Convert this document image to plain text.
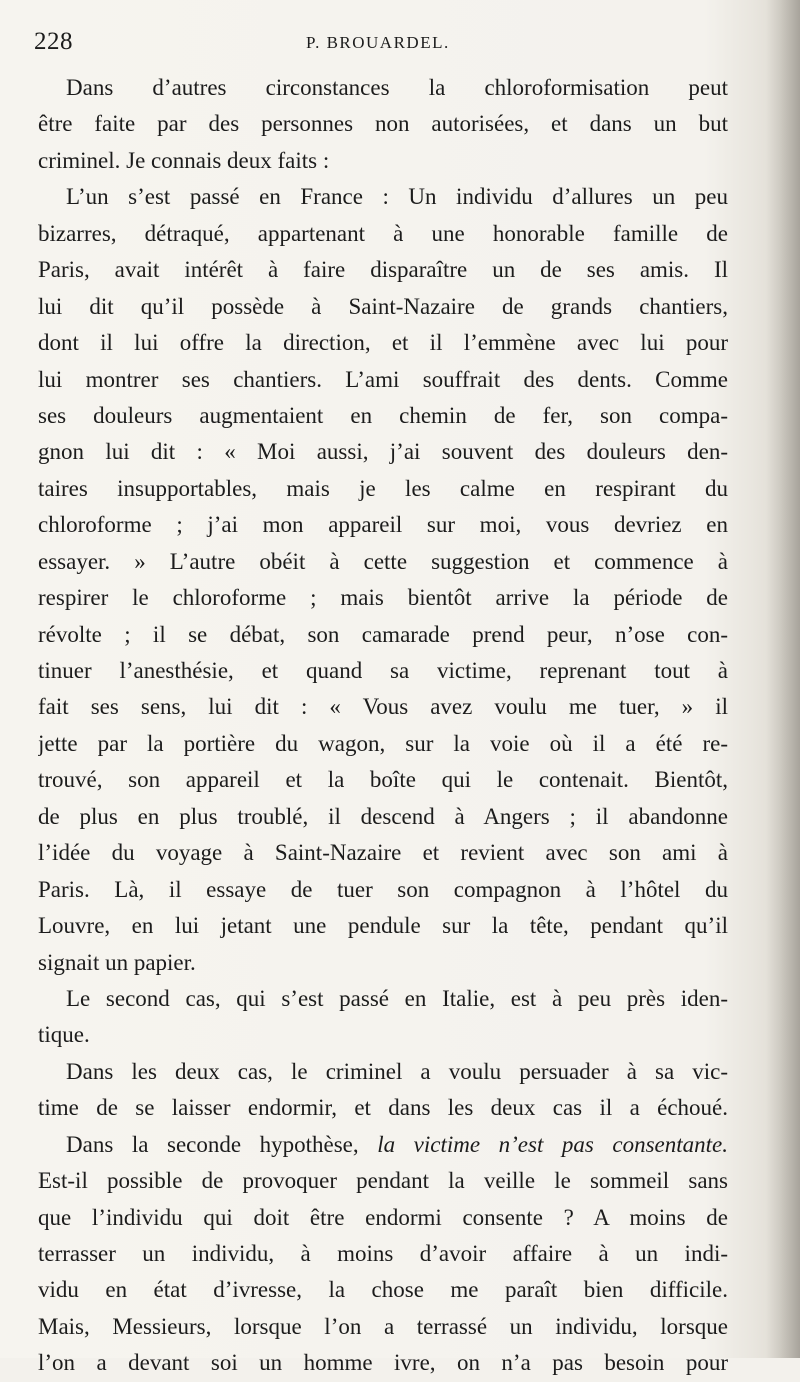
228	P. BROUARDEL.
Dans d’autres circonstances la chloroformisation peut
être faite par des personnes non autorisées, et dans un but
criminel. Je connais deux faits :
L’un s’est passé en France : Un individu d’allures un peu
bizarres, détraqué, appartenant à une honorable famille de
Paris, avait intérêt à faire disparaître un de ses amis. Il
lui dit qu’il possède à Saint-Nazaire de grands chantiers,
dont il lui offre la direction, et il l’emmène avec lui pour
lui montrer ses chantiers. L’ami souffrait des dents. Comme
ses douleurs augmentaient en chemin de fer, son compa-
gnon lui dit : « Moi aussi, j’ai souvent des douleurs den-
taires insupportables, mais je les calme en respirant du
chloroforme ; j’ai mon appareil sur moi, vous devriez en
essayer. » L’autre obéit à cette suggestion et commence à
respirer le chloroforme ; mais bientôt arrive la période de
révolte ; il se débat, son camarade prend peur, n’ose con-
tinuer l’anesthésie, et quand sa victime, reprenant tout à
fait ses sens, lui dit : « Vous avez voulu me tuer, » il
jette par la portière du wagon, sur la voie où il a été re-
trouvé, son appareil et la boîte qui le contenait. Bientôt,
de plus en plus troublé, il descend à Angers ; il abandonne
l’idée du voyage à Saint-Nazaire et revient avec son ami à
Paris. Là, il essaye de tuer son compagnon à l’hôtel du
Louvre, en lui jetant une pendule sur la tête, pendant qu’il
signait un papier.
Le second cas, qui s’est passé en Italie, est à peu près iden-
tique.
Dans les deux cas, le criminel a voulu persuader à sa vic-
time de se laisser endormir, et dans les deux cas il a échoué.
Dans la seconde hypothèse, la victime n’est pas consentante.
Est-il possible de provoquer pendant la veille le sommeil sans
que l’individu qui doit être endormi consente ? A moins de
terrasser un individu, à moins d’avoir affaire à un indi-
vidu en état d’ivresse, la chose me paraît bien difficile.
Mais, Messieurs, lorsque l’on a terrassé un individu, lorsque
l’on a devant soi un homme ivre, on n’a pas besoin pour
